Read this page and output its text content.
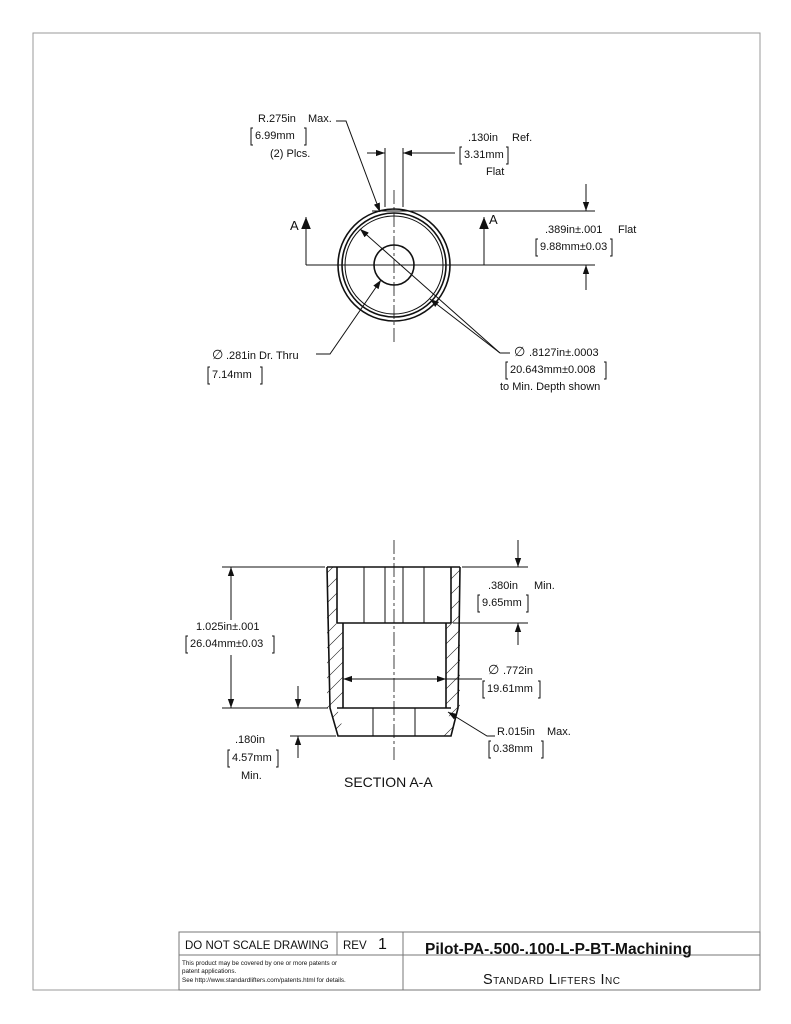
A	A
R.275in Max.
6.99mm
(2) Plcs.
.130in Ref.
3.31mm
Flat
.389in±.001 Flat
9.88mm±0.03
∅ .281in Dr. Thru
7.14mm
∅ .8127in±.0003
20.643mm±0.008
to Min. Depth shown
1.025in±.001
26.04mm±0.03
.380in Min.
9.65mm
∅ .772in
19.61mm
.180in
4.57mm
Min.
R.015in Max.
0.38mm
SECTION A-A
DO NOT SCALE DRAWING REV 1 Pilot-PA-.500-.100-L-P-BT-Machining
This product may be covered by one or more patents or
patent applications.
See http://www.standardlifters.com/patents.html for details.	Standard Lifters Inc
